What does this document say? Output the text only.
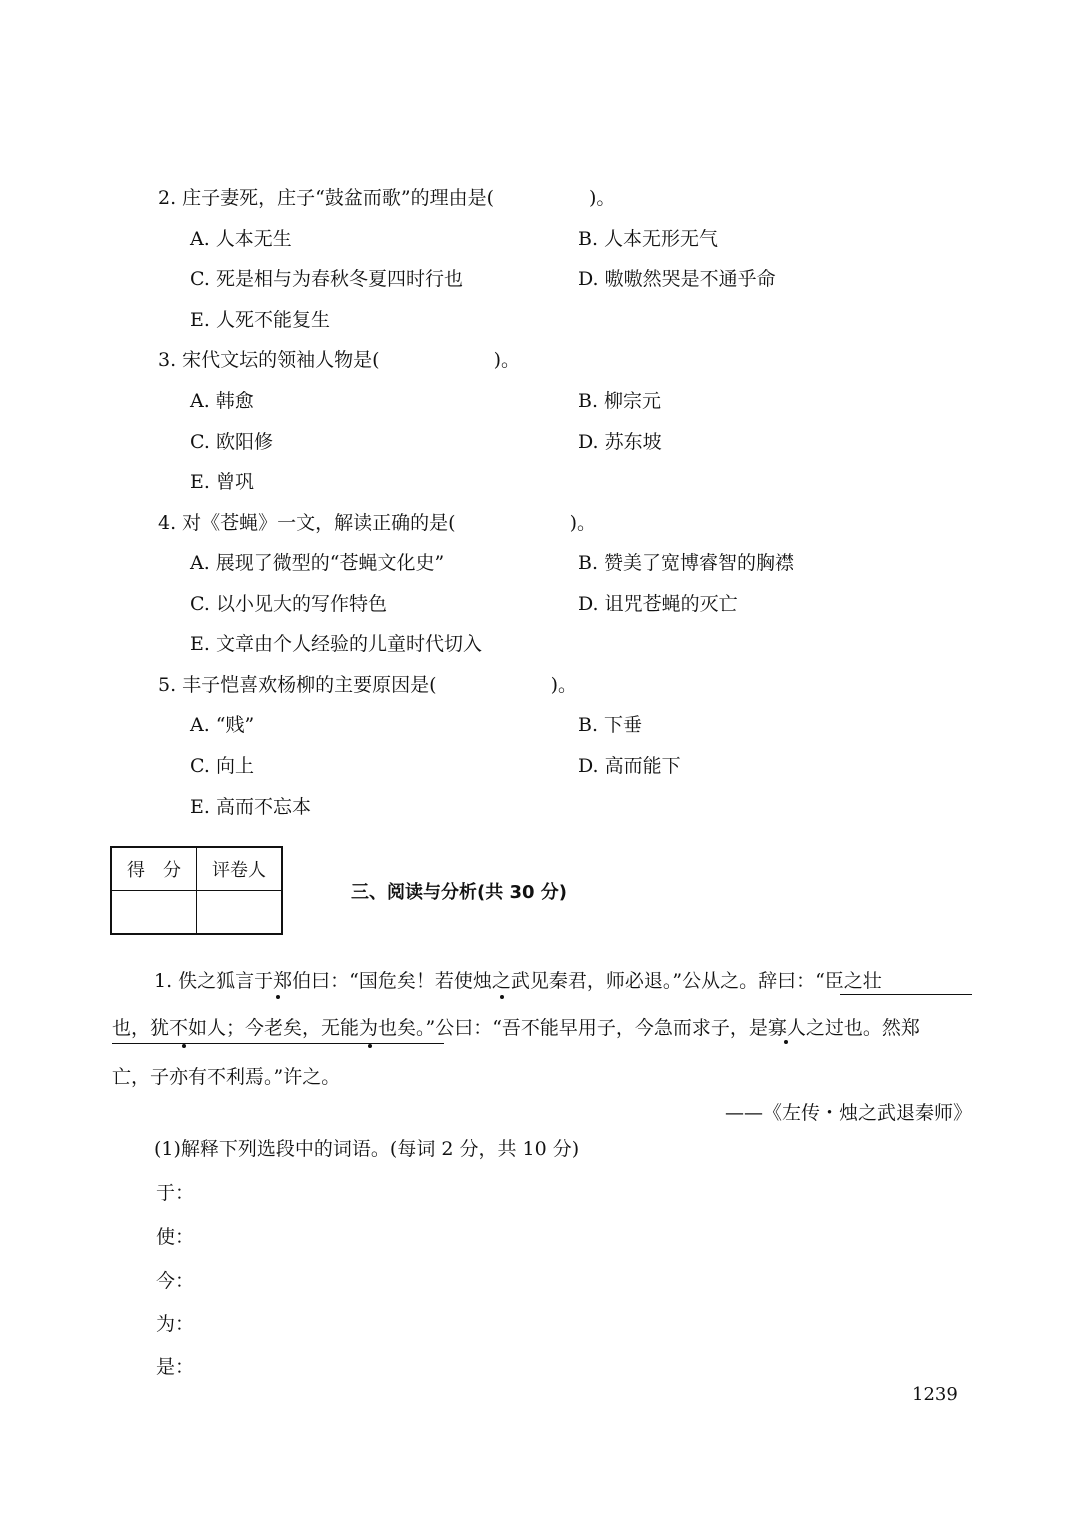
2. 庄子妻死，庄子“鼓盆而歌”的理由是(　　　　　)。
A. 人本无生	B. 人本无形无气
C. 死是相与为春秋冬夏四时行也	D. 嗷嗷然哭是不通乎命
E. 人死不能复生
3. 宋代文坛的领袖人物是(　　　　　　)。
A. 韩愈	B. 柳宗元
C. 欧阳修	D. 苏东坡
E. 曾巩
4. 对《苍蝇》一文，解读正确的是(　　　　　　)。
A. 展现了微型的“苍蝇文化史”	B. 赞美了宽博睿智的胸襟
C. 以小见大的写作特色	D. 诅咒苍蝇的灭亡
E. 文章由个人经验的儿童时代切入
5. 丰子恺喜欢杨柳的主要原因是(　　　　　　)。
A. “贱”	B. 下垂
C. 向上	D. 高而能下
E. 高而不忘本
得　分	评卷人

三、阅读与分析(共 30 分)
1. 佚之狐言于郑伯曰：“国危矣！若使烛之武见秦君，师必退。”公从之。辞曰：“臣之壮
也，犹不如人；今老矣，无能为也矣。”公曰：“吾不能早用子，今急而求子，是寡人之过也。然郑
亡，子亦有不利焉。”许之。
——《左传・烛之武退秦师》
(1)解释下列选段中的词语。(每词 2 分，共 10 分)
于：
使：
今：
为：
是：
1239
